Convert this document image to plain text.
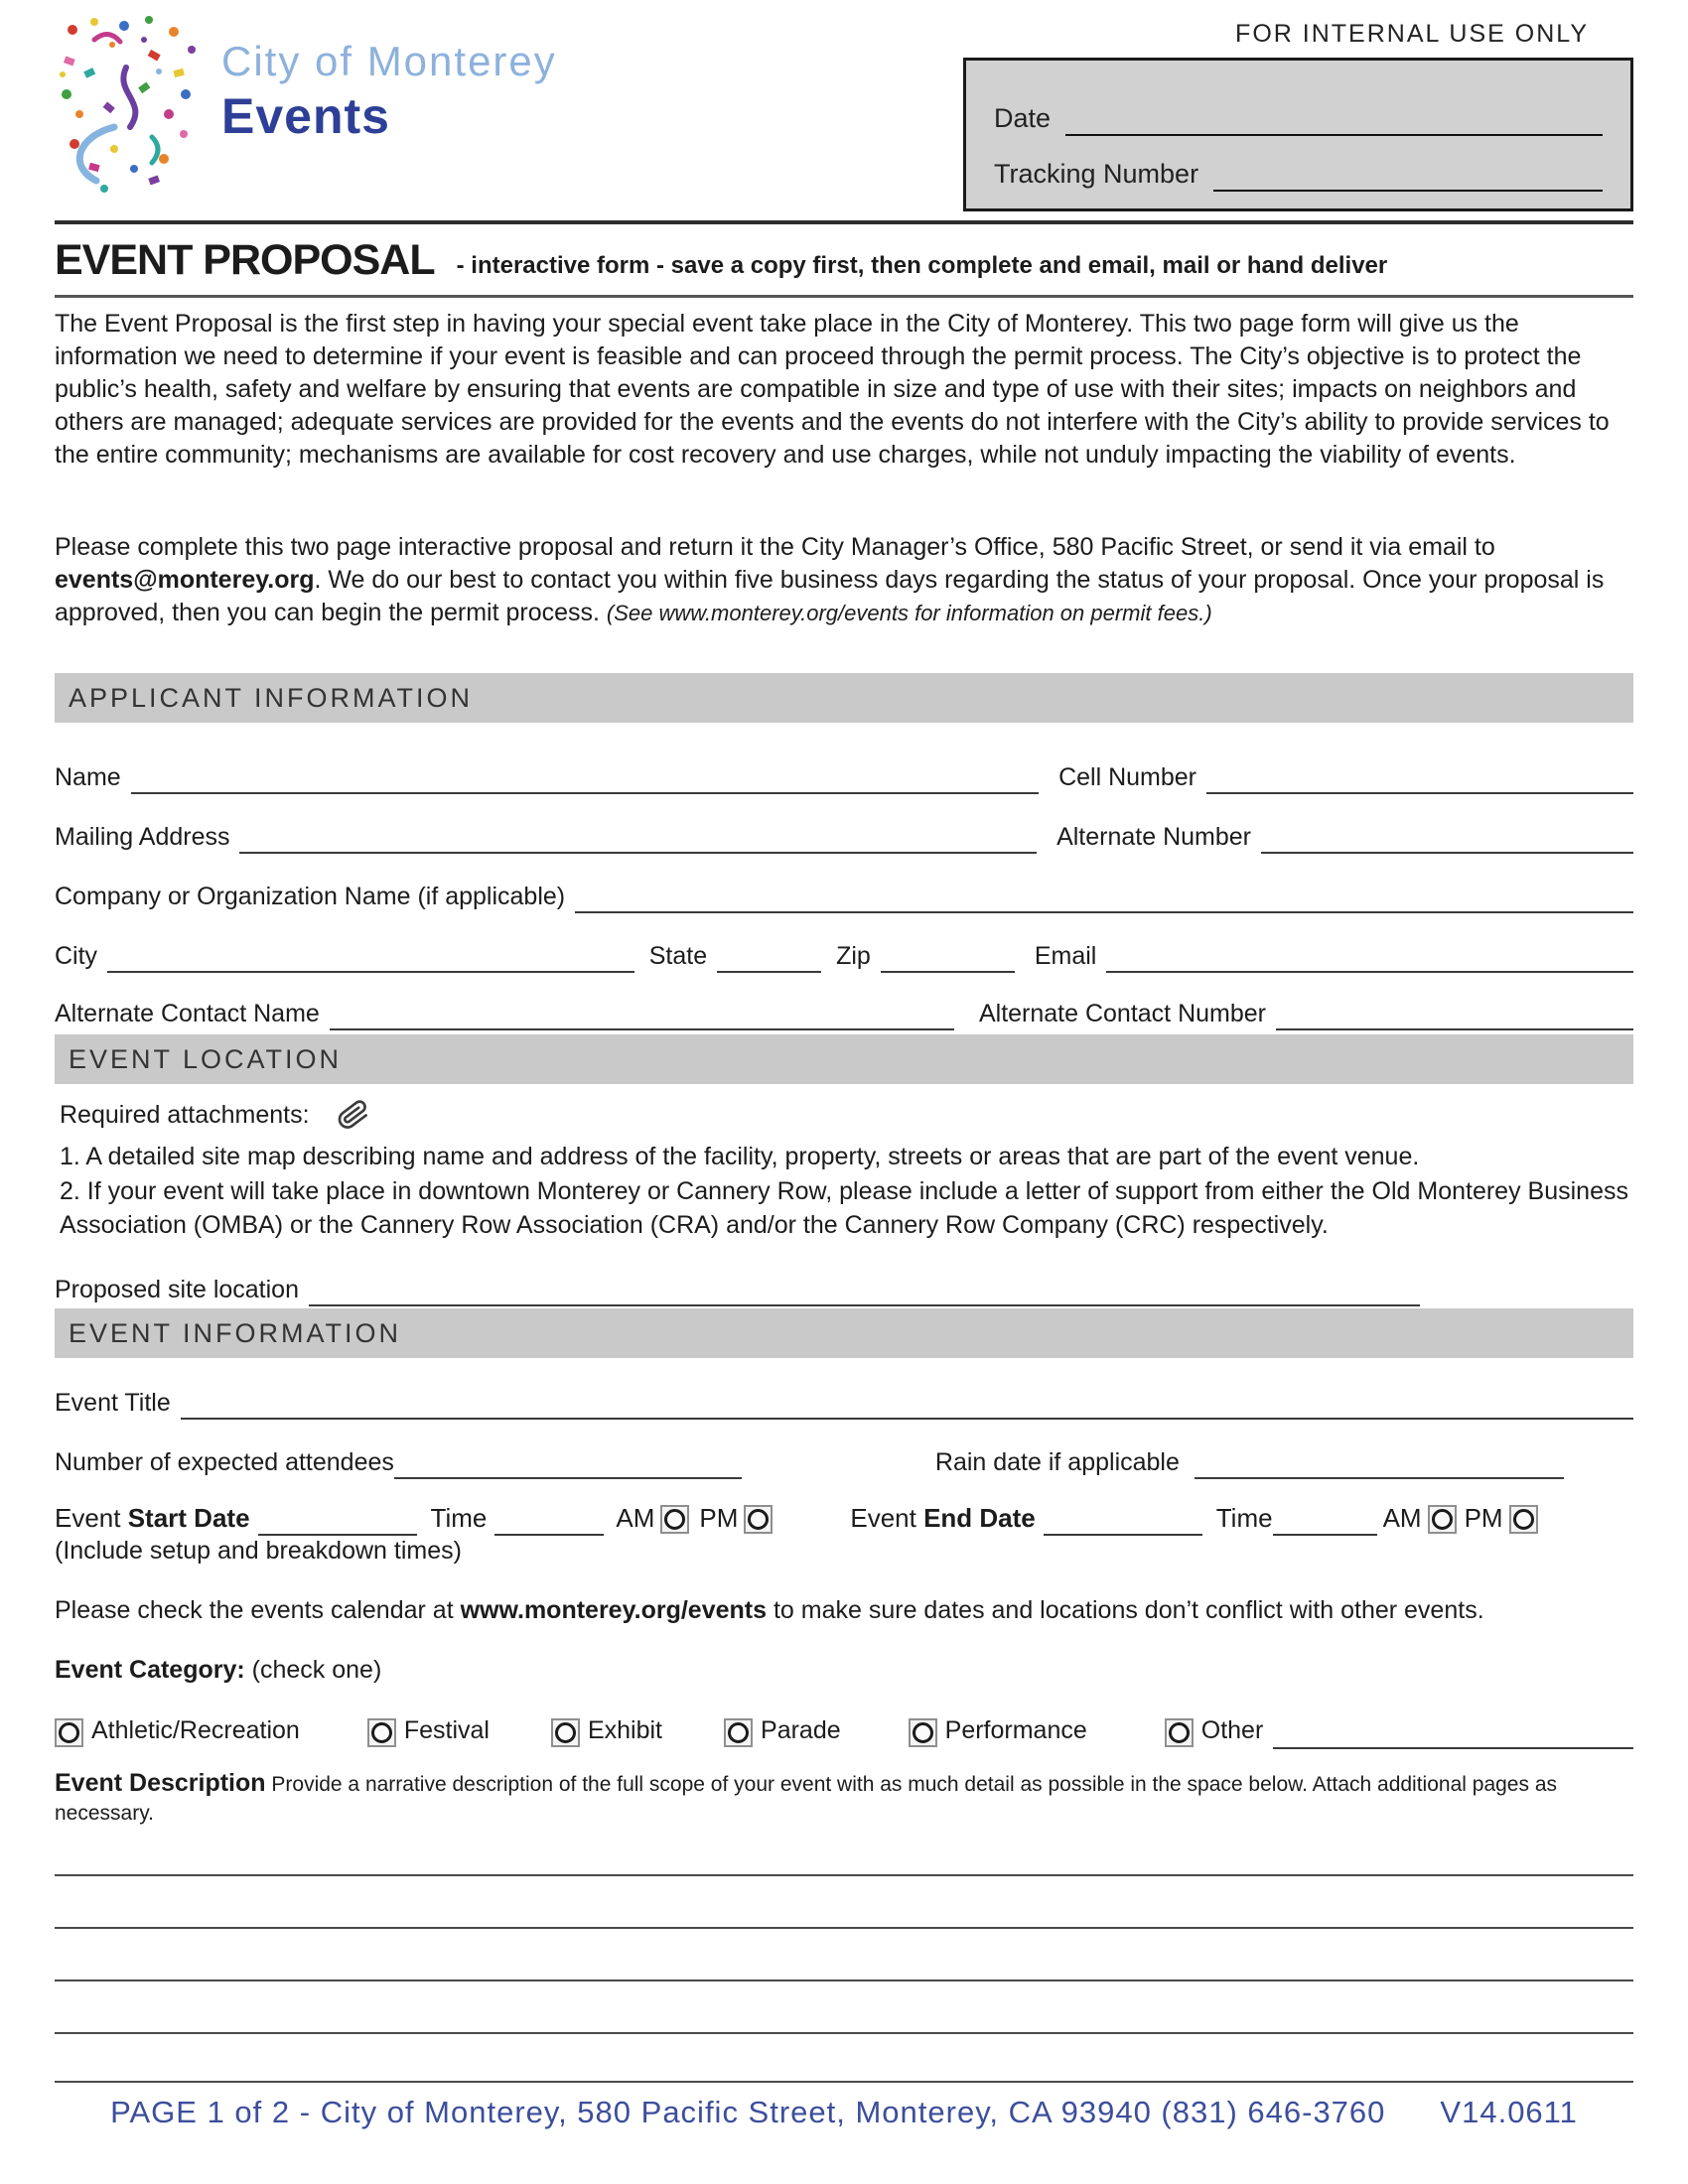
City of Monterey
Events
FOR INTERNAL USE ONLY
Date
Tracking Number
EVENT PROPOSAL - interactive form - save a copy first, then complete and email, mail or hand deliver
The Event Proposal is the first step in having your special event take place in the City of Monterey. This two page form will give us the information we need to determine if your event is feasible and can proceed through the permit process. The City’s objective is to protect the public’s health, safety and welfare by ensuring that events are compatible in size and type of use with their sites; impacts on neighbors and others are managed; adequate services are provided for the events and the events do not interfere with the City’s ability to provide services to the entire community; mechanisms are available for cost recovery and use charges, while not unduly impacting the viability of events.
Please complete this two page interactive proposal and return it the City Manager’s Office, 580 Pacific Street, or send it via email to events@monterey.org. We do our best to contact you within five business days regarding the status of your proposal. Once your proposal is approved, then you can begin the permit process. (See www.monterey.org/events for information on permit fees.)
APPLICANT INFORMATION
Name	Cell Number
Mailing Address	Alternate Number
Company or Organization Name (if applicable)
City	State	Zip	Email
Alternate Contact Name	Alternate Contact Number
EVENT LOCATION
Required attachments:
1. A detailed site map describing name and address of the facility, property, streets or areas that are part of the event venue.
2. If your event will take place in downtown Monterey or Cannery Row, please include a letter of support from either the Old Monterey Business Association (OMBA) or the Cannery Row Association (CRA) and/or the Cannery Row Company (CRC) respectively.
Proposed site location
EVENT INFORMATION
Event Title
Number of expected attendees	Rain date if applicable
Event Start Date	Time	AM PM	Event End Date	Time	AM PM
(Include setup and breakdown times)
Please check the events calendar at www.monterey.org/events to make sure dates and locations don’t conflict with other events.
Event Category: (check one)
Athletic/Recreation	Festival	Exhibit	Parade	Performance	Other
Event Description Provide a narrative description of the full scope of your event with as much detail as possible in the space below. Attach additional pages as necessary.
PAGE 1 of 2 - City of Monterey, 580 Pacific Street, Monterey, CA 93940 (831) 646-3760 V14.0611
